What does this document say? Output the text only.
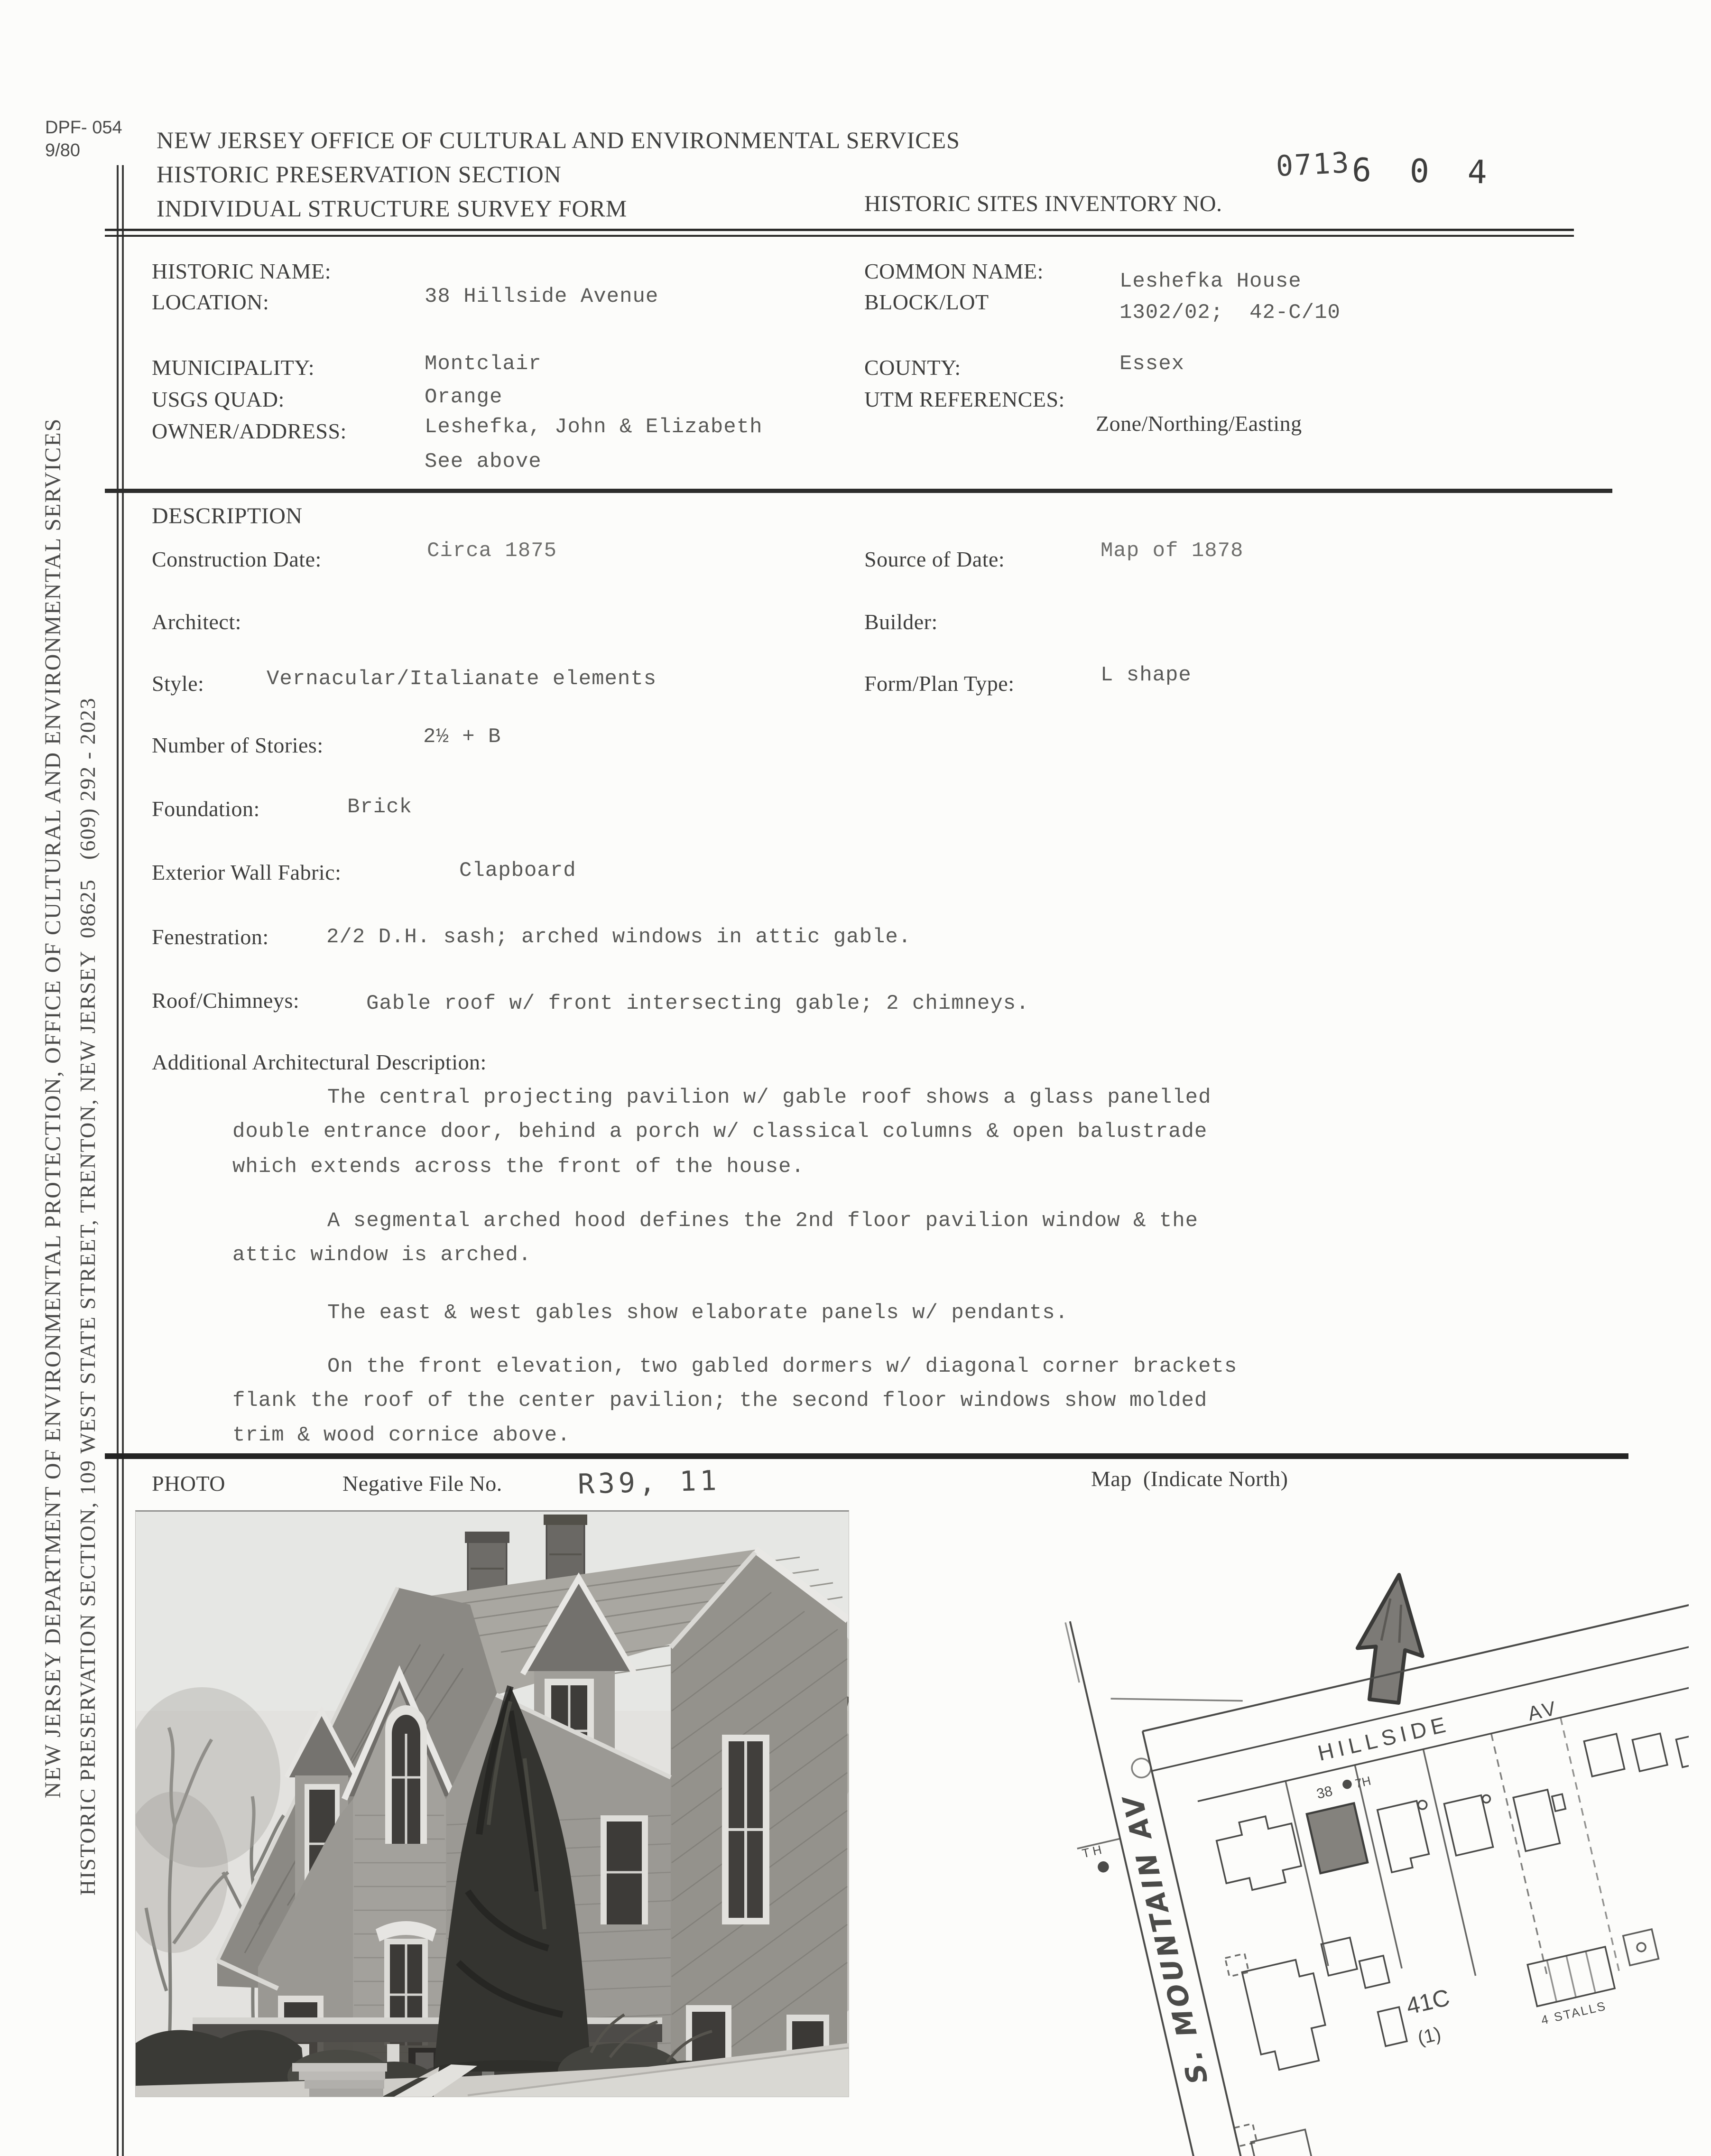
NEW JERSEY DEPARTMENT OF ENVIRONMENTAL PROTECTION, OFFICE OF CULTURAL AND ENVIRONMENTAL SERVICES HISTORIC PRESERVATION SECTION, 109 WEST STATE STREET, TRENTON, NEW JERSEY  08625   (609) 292 - 2023
DPF- 054
9/80	NEW JERSEY OFFICE OF CULTURAL AND ENVIRONMENTAL SERVICES
HISTORIC PRESERVATION SECTION
INDIVIDUAL STRUCTURE SURVEY FORM	HISTORIC SITES INVENTORY NO.
0713 6 0 4
HISTORIC NAME:	COMMON NAME:	Leshefka House
LOCATION:	38 Hillside Avenue	BLOCK/LOT	1302/02;  42-C/10
MUNICIPALITY:	Montclair	COUNTY:	Essex
USGS QUAD:	Orange	UTM REFERENCES:
OWNER/ADDRESS:	Leshefka, John & Elizabeth	Zone/Northing/Easting
See above
DESCRIPTION
Construction Date:	Circa 1875	Source of Date:	Map of 1878
Architect:	Builder:
Style:	Vernacular/Italianate elements	Form/Plan Type:	L shape
Number of Stories:	2½ + B
Foundation:	Brick
Exterior Wall Fabric:	Clapboard
Fenestration:	2/2 D.H. sash; arched windows in attic gable.
Roof/Chimneys:	Gable roof w/ front intersecting gable; 2 chimneys.
Additional Architectural Description:
The central projecting pavilion w/ gable roof shows a glass panelled
double entrance door, behind a porch w/ classical columns & open balustrade
which extends across the front of the house.
A segmental arched hood defines the 2nd floor pavilion window & the
attic window is arched.
The east & west gables show elaborate panels w/ pendants.
On the front elevation, two gabled dormers w/ diagonal corner brackets
flank the roof of the center pavilion; the second floor windows show molded
trim & wood cornice above.
PHOTO	Negative File No.	R39, 11	Map  (Indicate North)
HILLSIDE
AV
38
7H
T H
41C
(1)
4 STALLS
S. MOUNTAIN AV
